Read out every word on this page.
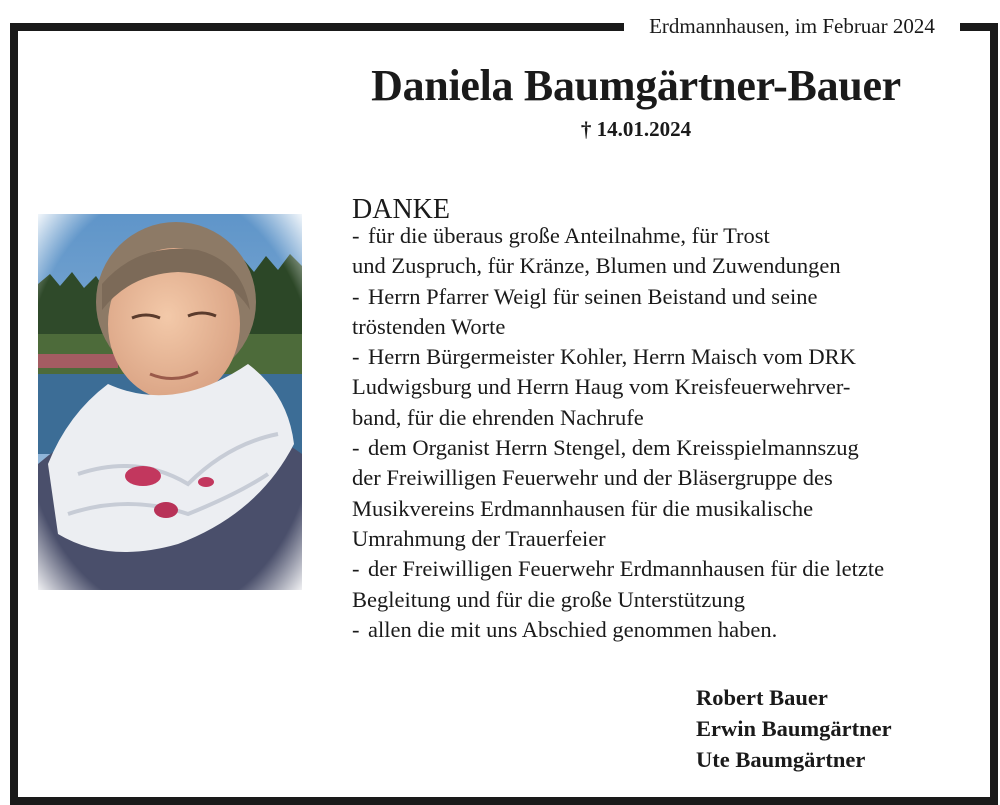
Erdmannhausen, im Februar 2024
Daniela Baumgärtner-Bauer
† 14.01.2024
DANKE
- für die überaus große Anteilnahme, für Trost
und Zuspruch, für Kränze, Blumen und Zuwendungen
- Herrn Pfarrer Weigl für seinen Beistand und seine
tröstenden Worte
- Herrn Bürgermeister Kohler, Herrn Maisch vom DRK
Ludwigsburg und Herrn Haug vom Kreisfeuerwehrver-
band, für die ehrenden Nachrufe
- dem Organist Herrn Stengel, dem Kreisspielmannszug
der Freiwilligen Feuerwehr und der Bläsergruppe des
Musikvereins Erdmannhausen für die musikalische
Umrahmung der Trauerfeier
- der Freiwilligen Feuerwehr Erdmannhausen für die letzte
Begleitung und für die große Unterstützung
- allen die mit uns Abschied genommen haben.
Robert Bauer
Erwin Baumgärtner
Ute Baumgärtner
